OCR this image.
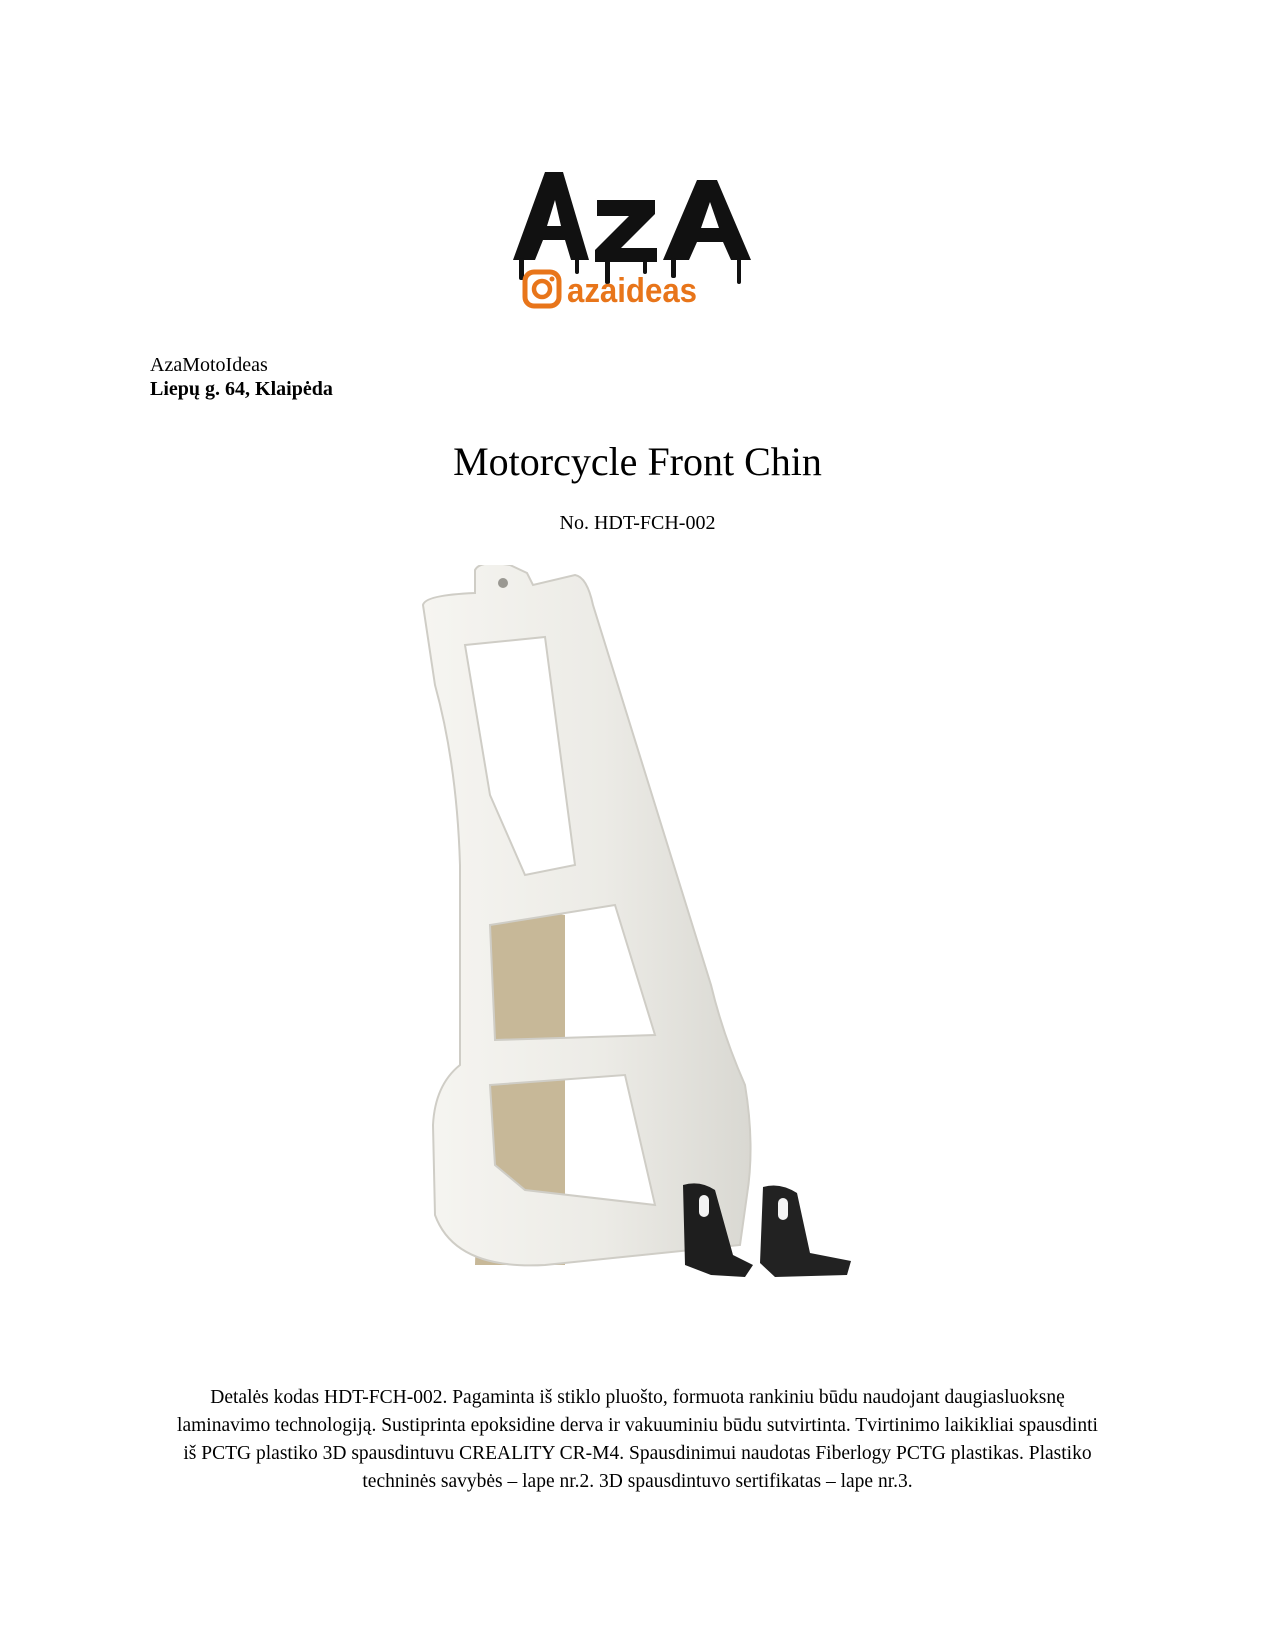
azaideas
AzaMotoIdeas
Liepų g. 64, Klaipėda
Motorcycle Front Chin
No. HDT-FCH-002
Detalės kodas HDT-FCH-002. Pagaminta iš stiklo pluošto, formuota rankiniu būdu naudojant daugiasluoksnę laminavimo technologiją. Sustiprinta epoksidine derva ir vakuuminiu būdu sutvirtinta. Tvirtinimo laikikliai spausdinti iš PCTG plastiko 3D spausdintuvu CREALITY CR-M4. Spausdinimui naudotas Fiberlogy PCTG plastikas. Plastiko techninės savybės – lape nr.2. 3D spausdintuvo sertifikatas – lape nr.3.
